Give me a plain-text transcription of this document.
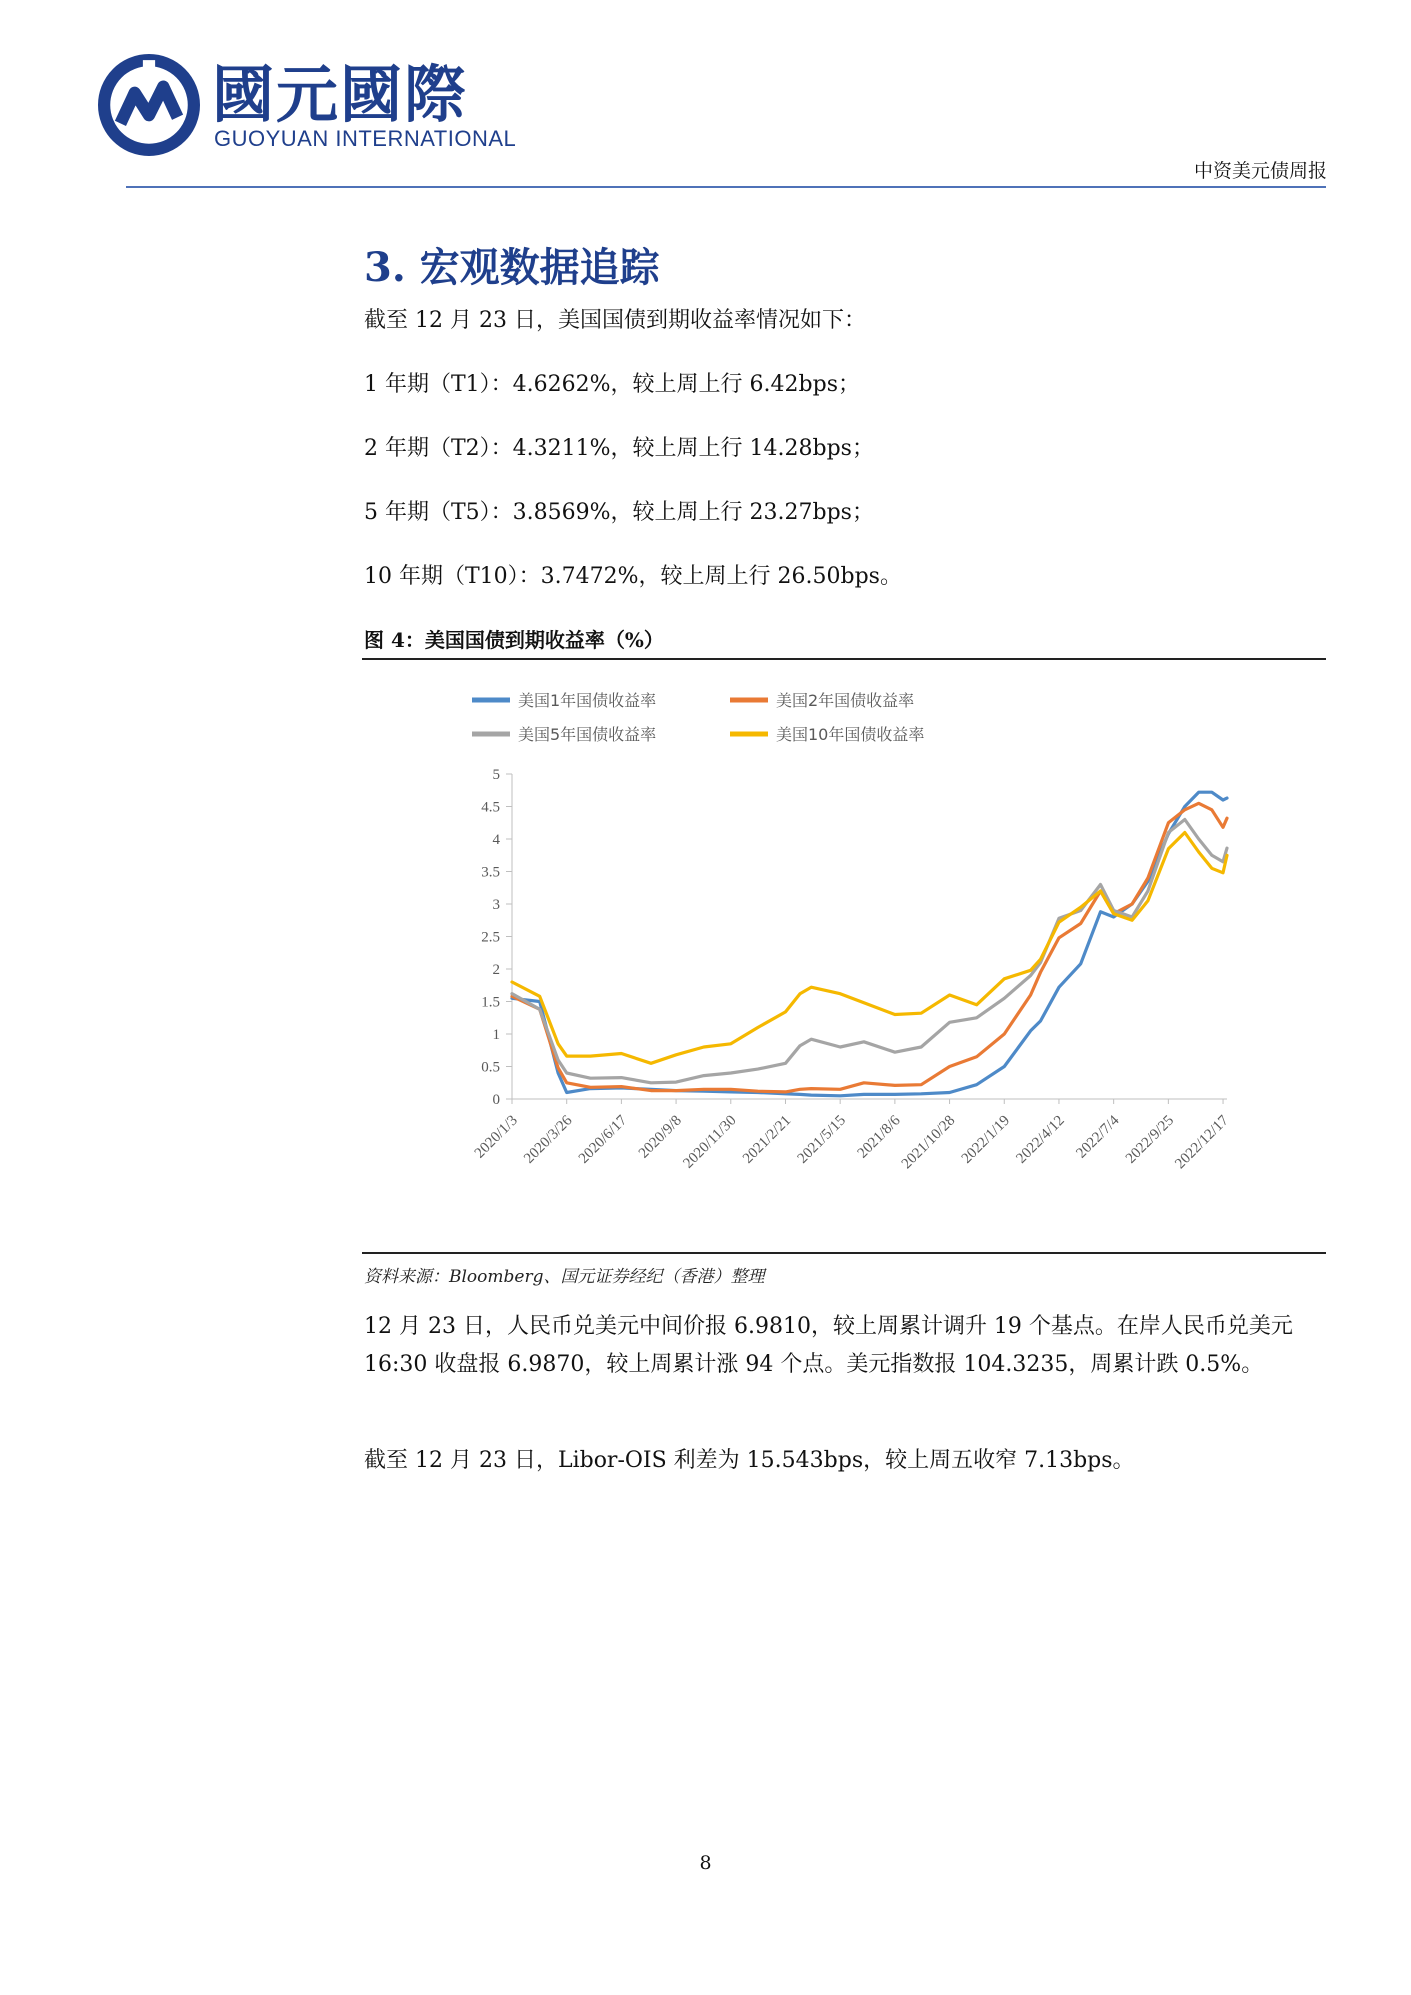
國元國際
GUOYUAN INTERNATIONAL
中资美元债周报
3. 宏观数据追踪
截至 12 月 23 日，美国国债到期收益率情况如下：
1 年期（T1）：4.6262%，较上周上行 6.42bps；
2 年期（T2）：4.3211%，较上周上行 14.28bps；
5 年期（T5）：3.8569%，较上周上行 23.27bps；
10 年期（T10）：3.7472%，较上周上行 26.50bps。
图 4：美国国债到期收益率（%）
美国1年国债收益率	美国2年国债收益率
美国5年国债收益率	美国10年国债收益率
0
0.5
1
1.5
2
2.5
3
3.5
4
4.5
5
2020/1/3 2020/3/26 2020/6/17 2020/9/8
2020/11/30 2021/2/21 2021/5/15 2021/8/6
2021/10/28 2022/1/19 2022/4/12 2022/7/4 2022/9/25
2022/12/17
资料来源：Bloomberg、国元证券经纪（香港）整理
12 月 23 日，人民币兑美元中间价报 6.9810，较上周累计调升 19 个基点。在岸人民币兑美元 16:30 收盘报 6.9870，较上周累计涨 94 个点。美元指数报 104.3235，周累计跌 0.5%。
截至 12 月 23 日，Libor-OIS 利差为 15.543bps，较上周五收窄 7.13bps。
8
